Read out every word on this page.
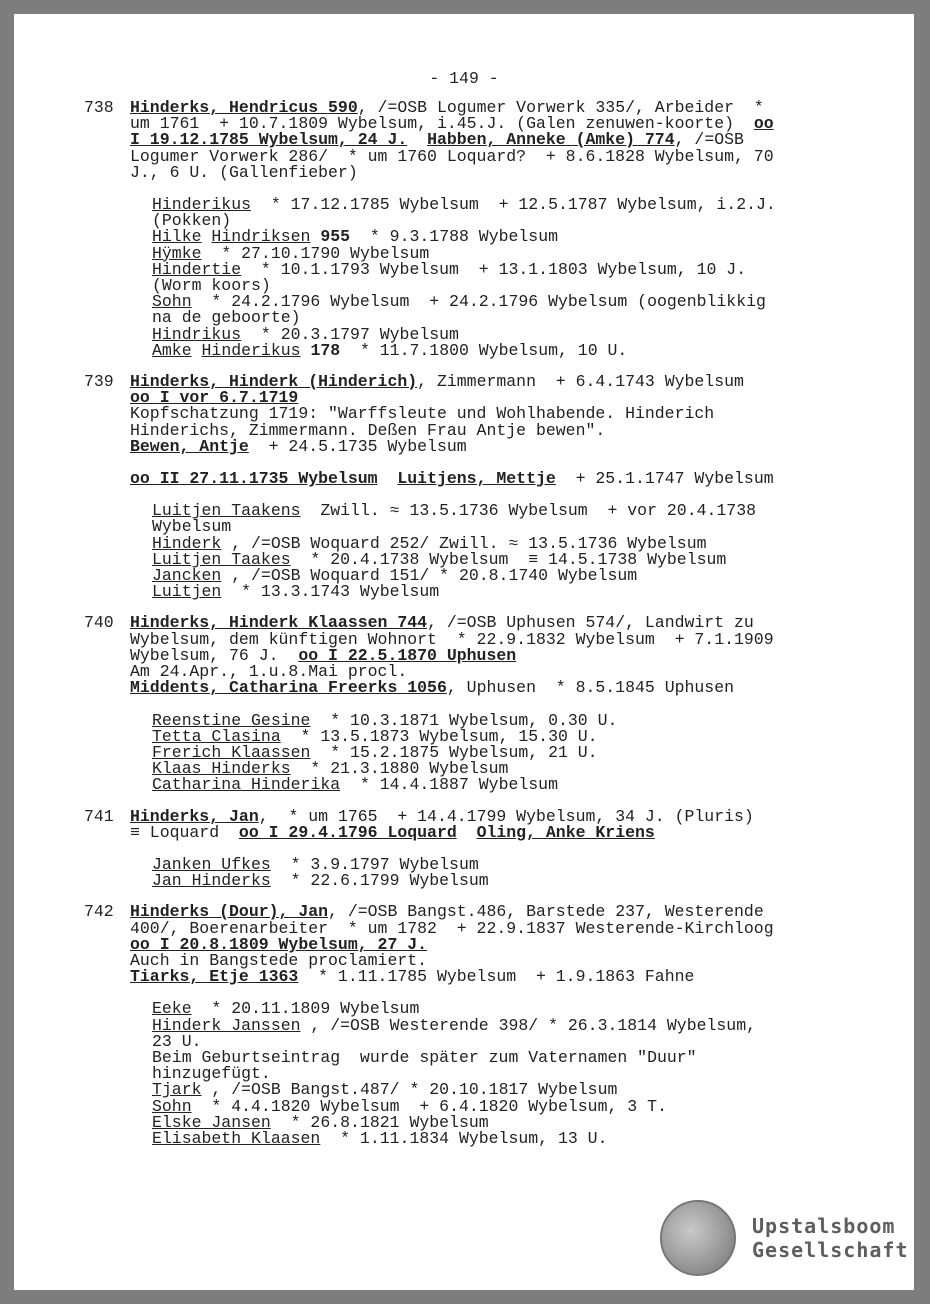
- 149 -
738 Hinderks, Hendricus 590, /=OSB Logumer Vorwerk 335/, Arbeider  *

um 1761  + 10.7.1809 Wybelsum, i.45.J. (Galen zenuwen-koorte)  oo

I 19.12.1785 Wybelsum, 24 J. Habben, Anneke (Amke) 774, /=OSB

Logumer Vorwerk 286/  * um 1760 Loquard?  + 8.6.1828 Wybelsum, 70

J., 6 U. (Gallenfieber)

Hinderikus  * 17.12.1785 Wybelsum  + 12.5.1787 Wybelsum, i.2.J.

(Pokken)

Hilke Hindriksen 955  * 9.3.1788 Wybelsum

Hÿmke  * 27.10.1790 Wybelsum

Hindertie  * 10.1.1793 Wybelsum  + 13.1.1803 Wybelsum, 10 J.

(Worm koors)

Sohn  * 24.2.1796 Wybelsum  + 24.2.1796 Wybelsum (oogenblikkig

na de geboorte)

Hindrikus  * 20.3.1797 Wybelsum

Amke Hinderikus 178  * 11.7.1800 Wybelsum, 10 U.

739 Hinderks, Hinderk (Hinderich), Zimmermann  + 6.4.1743 Wybelsum

oo I vor 6.7.1719

Kopfschatzung 1719: "Warffsleute und Wohlhabende. Hinderich

Hinderichs, Zimmermann. Deßen Frau Antje bewen".

Bewen, Antje  + 24.5.1735 Wybelsum

oo II 27.11.1735 Wybelsum Luitjens, Mettje  + 25.1.1747 Wybelsum

Luitjen Taakens  Zwill. ≈ 13.5.1736 Wybelsum  + vor 20.4.1738

Wybelsum

Hinderk , /=OSB Woquard 252/ Zwill. ≈ 13.5.1736 Wybelsum

Luitjen Taakes  * 20.4.1738 Wybelsum  ≡ 14.5.1738 Wybelsum

Jancken , /=OSB Woquard 151/ * 20.8.1740 Wybelsum

Luitjen  * 13.3.1743 Wybelsum

740 Hinderks, Hinderk Klaassen 744, /=OSB Uphusen 574/, Landwirt zu

Wybelsum, dem künftigen Wohnort  * 22.9.1832 Wybelsum  + 7.1.1909

Wybelsum, 76 J.  oo I 22.5.1870 Uphusen

Am 24.Apr., 1.u.8.Mai procl.

Middents, Catharina Freerks 1056, Uphusen  * 8.5.1845 Uphusen

Reenstine Gesine  * 10.3.1871 Wybelsum, 0.30 U.

Tetta Clasina  * 13.5.1873 Wybelsum, 15.30 U.

Frerich Klaassen  * 15.2.1875 Wybelsum, 21 U.

Klaas Hinderks  * 21.3.1880 Wybelsum

Catharina Hinderika  * 14.4.1887 Wybelsum

741 Hinderks, Jan,  * um 1765  + 14.4.1799 Wybelsum, 34 J. (Pluris)

≡ Loquard  oo I 29.4.1796 Loquard Oling, Anke Kriens

Janken Ufkes  * 3.9.1797 Wybelsum

Jan Hinderks  * 22.6.1799 Wybelsum

742 Hinderks (Dour), Jan, /=OSB Bangst.486, Barstede 237, Westerende

400/, Boerenarbeiter  * um 1782  + 22.9.1837 Westerende-Kirchloog

oo I 20.8.1809 Wybelsum, 27 J.

Auch in Bangstede proclamiert.

Tiarks, Etje 1363  * 1.11.1785 Wybelsum  + 1.9.1863 Fahne

Eeke  * 20.11.1809 Wybelsum

Hinderk Janssen , /=OSB Westerende 398/ * 26.3.1814 Wybelsum,

23 U.

Beim Geburtseintrag  wurde später zum Vaternamen "Duur"

hinzugefügt.

Tjark , /=OSB Bangst.487/ * 20.10.1817 Wybelsum

Sohn  * 4.4.1820 Wybelsum  + 6.4.1820 Wybelsum, 3 T.

Elske Jansen  * 26.8.1821 Wybelsum

Elisabeth Klaasen  * 1.11.1834 Wybelsum, 13 U.

Upstalsboom
Gesellschaft
